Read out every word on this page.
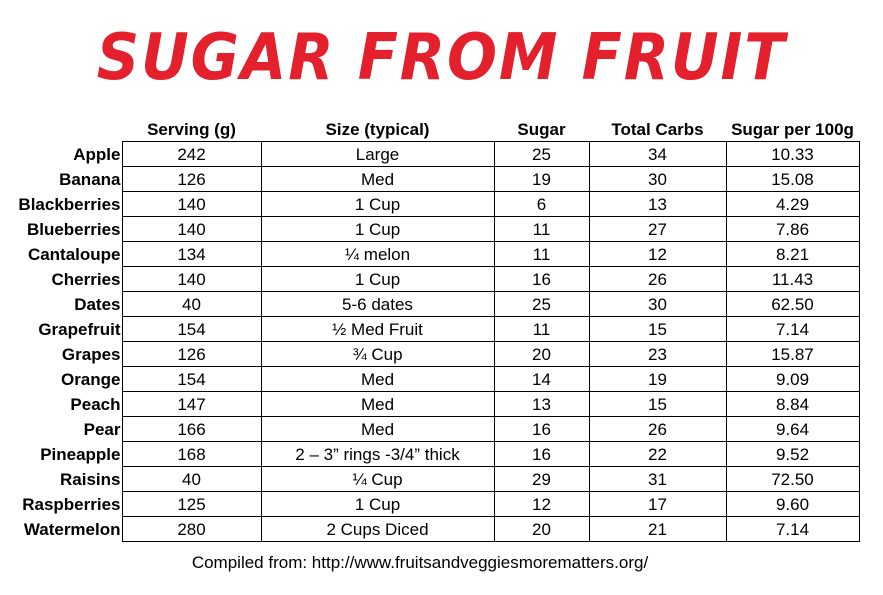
SUGAR FROM FRUIT
	Serving (g)	Size (typical)	Sugar	Total Carbs	Sugar per 100g
Apple	242	Large	25	34	10.33
Banana	126	Med	19	30	15.08
Blackberries	140	1 Cup	6	13	4.29
Blueberries	140	1 Cup	11	27	7.86
Cantaloupe	134	¼ melon	11	12	8.21
Cherries	140	1 Cup	16	26	11.43
Dates	40	5-6 dates	25	30	62.50
Grapefruit	154	½ Med Fruit	11	15	7.14
Grapes	126	¾ Cup	20	23	15.87
Orange	154	Med	14	19	9.09
Peach	147	Med	13	15	8.84
Pear	166	Med	16	26	9.64
Pineapple	168	2 – 3” rings -3/4” thick	16	22	9.52
Raisins	40	¼ Cup	29	31	72.50
Raspberries	125	1 Cup	12	17	9.60
Watermelon	280	2 Cups Diced	20	21	7.14
Compiled from: http://www.fruitsandveggiesmorematters.org/
